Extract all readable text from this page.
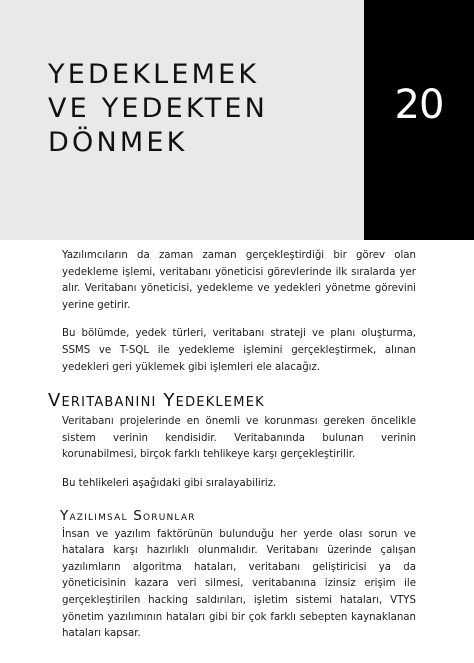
YEDEKLEMEK
VE YEDEKTEN
DÖNMEK
20

Yazılımcıların da zaman zaman gerçekleştirdiği bir görev olan yedekleme işlemi, veritabanı yöneticisi görevlerinde ilk sıralarda yer alır. Veritabanı yöneticisi, yedekleme ve yedekleri yönetme görevini yerine getirir.

Bu bölümde, yedek türleri, veritabanı strateji ve planı oluşturma, SSMS ve T-SQL ile yedekleme işlemini gerçekleştirmek, alınan yedekleri geri yüklemek gibi işlemleri ele alacağız.

Veritabanını Yedeklemek

Veritabanı projelerinde en önemli ve korunması gereken öncelikle sistem verinin kendisidir. Veritabanında bulunan verinin korunabilmesi, birçok farklı tehlikeye karşı gerçekleştirilir.

Bu tehlikeleri aşağıdaki gibi sıralayabiliriz.

Yazılımsal Sorunlar

İnsan ve yazılım faktörünün bulunduğu her yerde olası sorun ve hatalara karşı hazırlıklı olunmalıdır. Veritabanı üzerinde çalışan yazılımların algoritma hataları, veritabanı geliştiricisi ya da yöneticisinin kazara veri silmesi, veritabanına izinsiz erişim ile gerçekleştirilen hacking saldırıları, işletim sistemi hataları, VTYS yönetim yazılımının hataları gibi bir çok farklı sebepten kaynaklanan hataları kapsar.
